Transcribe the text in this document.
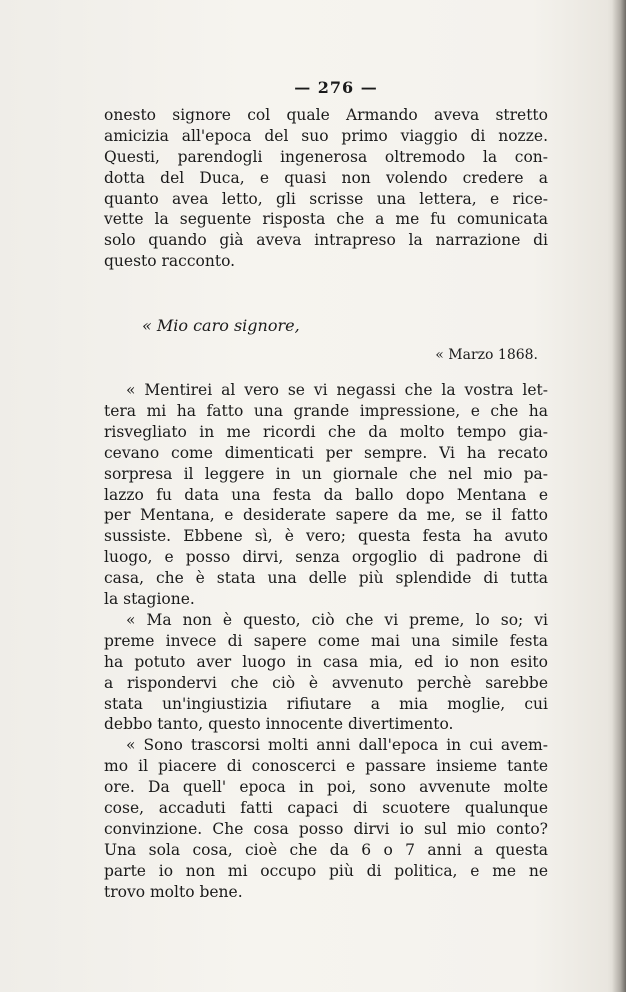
— 276 —
onesto signore col quale Armando aveva stretto
amicizia all'epoca del suo primo viaggio di nozze.
Questi, parendogli ingenerosa oltremodo la con-
dotta del Duca, e quasi non volendo credere a
quanto avea letto, gli scrisse una lettera, e rice-
vette la seguente risposta che a me fu comunicata
solo quando già aveva intrapreso la narrazione di
questo racconto.
« Mio caro signore,
« Marzo 1868.
« Mentirei al vero se vi negassi che la vostra let-
tera mi ha fatto una grande impressione, e che ha
risvegliato in me ricordi che da molto tempo gia-
cevano come dimenticati per sempre. Vi ha recato
sorpresa il leggere in un giornale che nel mio pa-
lazzo fu data una festa da ballo dopo Mentana e
per Mentana, e desiderate sapere da me, se il fatto
sussiste. Ebbene sì, è vero; questa festa ha avuto
luogo, e posso dirvi, senza orgoglio di padrone di
casa, che è stata una delle più splendide di tutta
la stagione.
« Ma non è questo, ciò che vi preme, lo so; vi
preme invece di sapere come mai una simile festa
ha potuto aver luogo in casa mia, ed io non esito
a rispondervi che ciò è avvenuto perchè sarebbe
stata un'ingiustizia rifiutare a mia moglie, cui
debbo tanto, questo innocente divertimento.
« Sono trascorsi molti anni dall'epoca in cui avem-
mo il piacere di conoscerci e passare insieme tante
ore. Da quell' epoca in poi, sono avvenute molte
cose, accaduti fatti capaci di scuotere qualunque
convinzione. Che cosa posso dirvi io sul mio conto?
Una sola cosa, cioè che da 6 o 7 anni a questa
parte io non mi occupo più di politica, e me ne
trovo molto bene.
